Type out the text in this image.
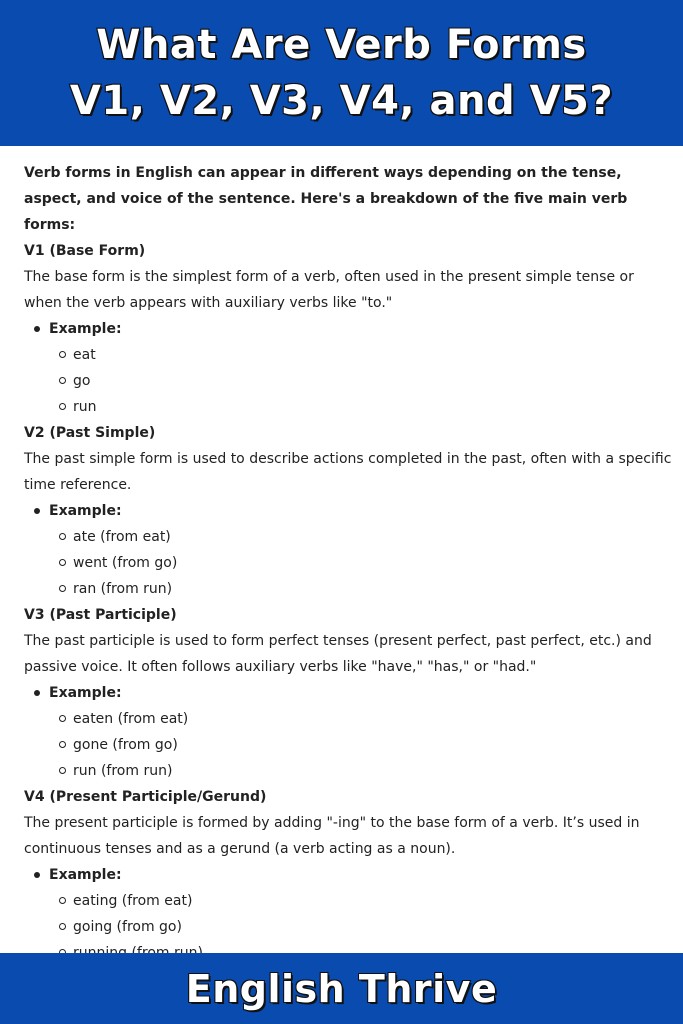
What Are Verb Forms
V1, V2, V3, V4, and V5?

Verb forms in English can appear in different ways depending on the tense, aspect, and voice of the sentence. Here's a breakdown of the five main verb forms:

V1 (Base Form)

The base form is the simplest form of a verb, often used in the present simple tense or when the verb appears with auxiliary verbs like "to."

Example:
eat
go
run

V2 (Past Simple)

The past simple form is used to describe actions completed in the past, often with a specific time reference.

Example:
ate (from eat)
went (from go)
ran (from run)

V3 (Past Participle)

The past participle is used to form perfect tenses (present perfect, past perfect, etc.) and passive voice. It often follows auxiliary verbs like "have," "has," or "had."

Example:
eaten (from eat)
gone (from go)
run (from run)

V4 (Present Participle/Gerund)

The present participle is formed by adding "-ing" to the base form of a verb. It’s used in continuous tenses and as a gerund (a verb acting as a noun).

Example:
eating (from eat)
going (from go)
English Thrive
